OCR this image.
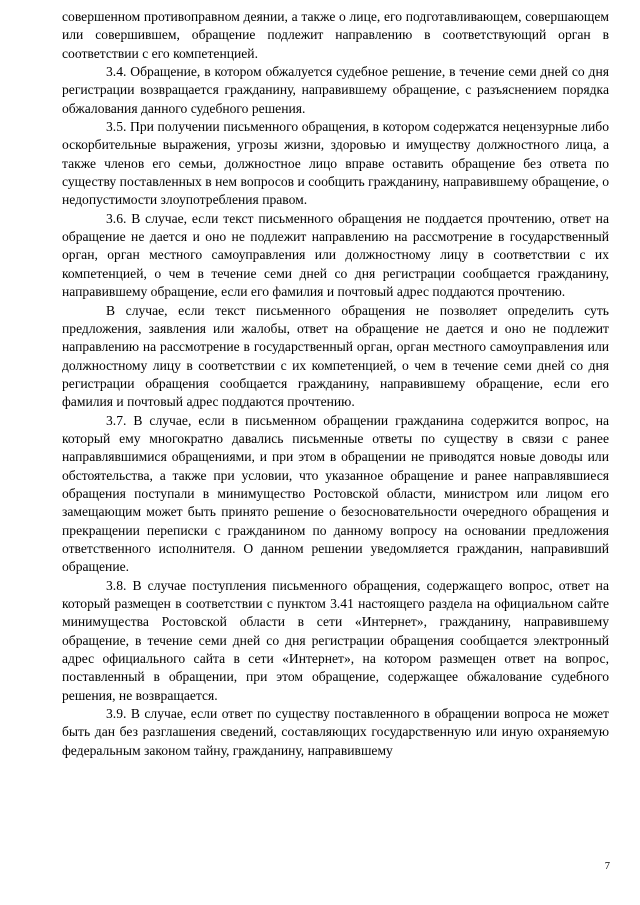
совершенном противоправном деянии, а также о лице, его подготавливающем, совершающем или совершившем, обращение подлежит направлению в соответствующий орган в соответствии с его компетенцией.

3.4. Обращение, в котором обжалуется судебное решение, в течение семи дней со дня регистрации возвращается гражданину, направившему обращение, с разъяснением порядка обжалования данного судебного решения.

3.5. При получении письменного обращения, в котором содержатся нецензурные либо оскорбительные выражения, угрозы жизни, здоровью и имуществу должностного лица, а также членов его семьи, должностное лицо вправе оставить обращение без ответа по существу поставленных в нем вопросов и сообщить гражданину, направившему обращение, о недопустимости злоупотребления правом.

3.6. В случае, если текст письменного обращения не поддается прочтению, ответ на обращение не дается и оно не подлежит направлению на рассмотрение в государственный орган, орган местного самоуправления или должностному лицу в соответствии с их компетенцией, о чем в течение семи дней со дня регистрации сообщается гражданину, направившему обращение, если его фамилия и почтовый адрес поддаются прочтению.

В случае, если текст письменного обращения не позволяет определить суть предложения, заявления или жалобы, ответ на обращение не дается и оно не подлежит направлению на рассмотрение в государственный орган, орган местного самоуправления или должностному лицу в соответствии с их компетенцией, о чем в течение семи дней со дня регистрации обращения сообщается гражданину, направившему обращение, если его фамилия и почтовый адрес поддаются прочтению.

3.7. В случае, если в письменном обращении гражданина содержится вопрос, на который ему многократно давались письменные ответы по существу в связи с ранее направлявшимися обращениями, и при этом в обращении не приводятся новые доводы или обстоятельства, а также при условии, что указанное обращение и ранее направлявшиеся обращения поступали в минимущество Ростовской области, министром или лицом его замещающим может быть принято решение о безосновательности очередного обращения и прекращении переписки с гражданином по данному вопросу на основании предложения ответственного исполнителя. О данном решении уведомляется гражданин, направивший обращение.

3.8. В случае поступления письменного обращения, содержащего вопрос, ответ на который размещен в соответствии с пунктом 3.41 настоящего раздела на официальном сайте минимущества Ростовской области в сети «Интернет», гражданину, направившему обращение, в течение семи дней со дня регистрации обращения сообщается электронный адрес официального сайта в сети «Интернет», на котором размещен ответ на вопрос, поставленный в обращении, при этом обращение, содержащее обжалование судебного решения, не возвращается.

3.9. В случае, если ответ по существу поставленного в обращении вопроса не может быть дан без разглашения сведений, составляющих государственную или иную охраняемую федеральным законом тайну, гражданину, направившему

7
